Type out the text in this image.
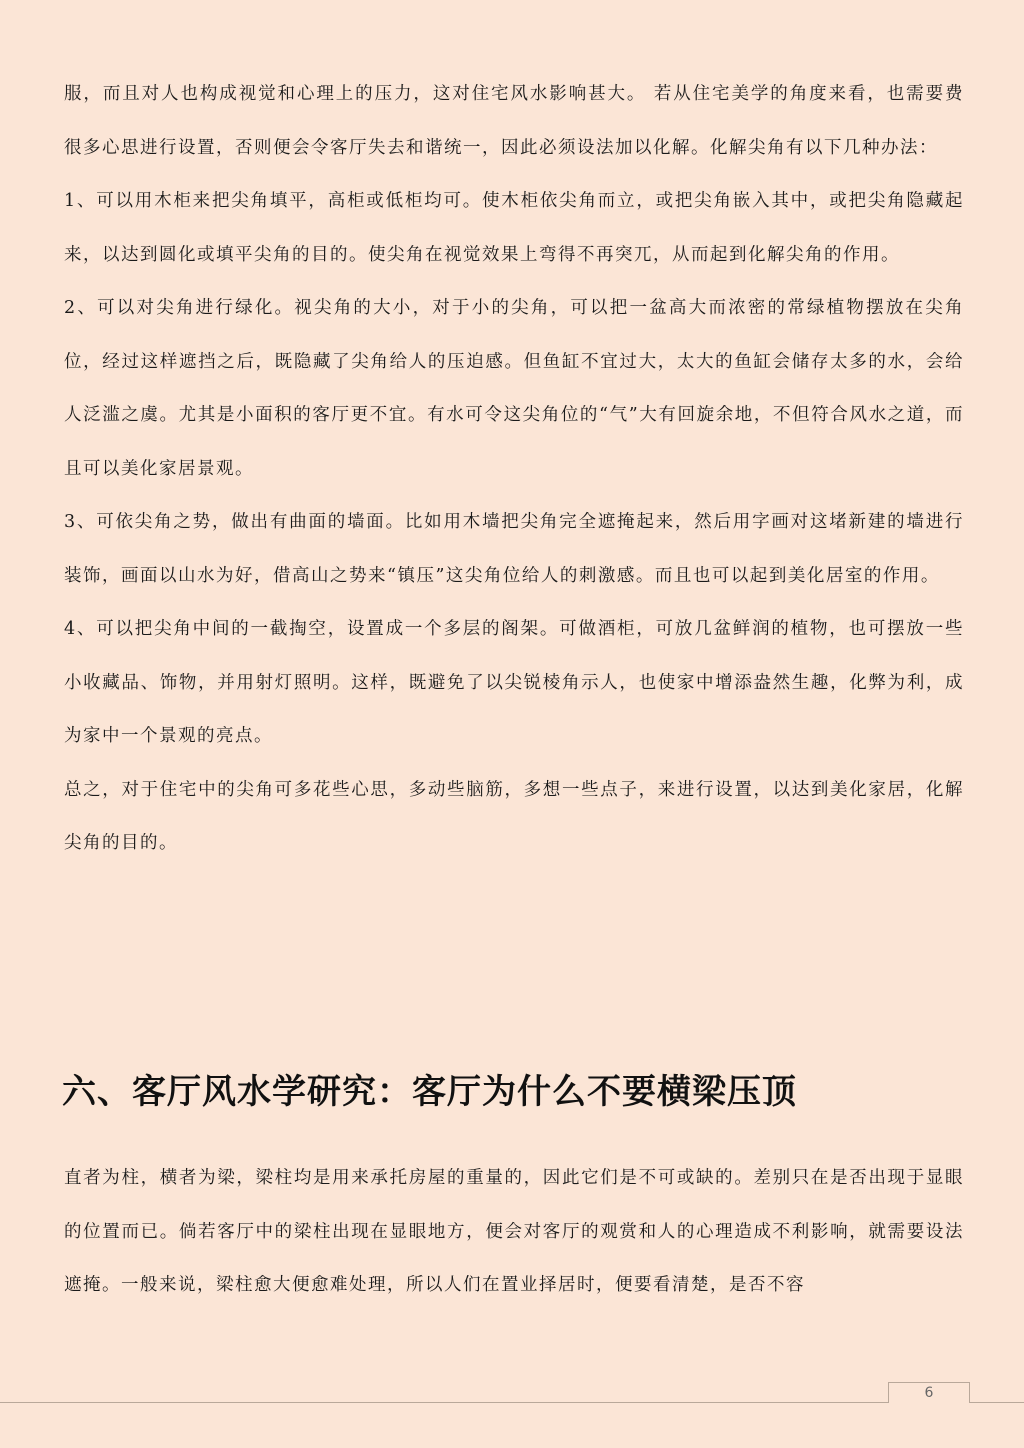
服，而且对人也构成视觉和心理上的压力，这对住宅风水影响甚大。 若从住宅美学的角度来看，也需要费很多心思进行设置，否则便会令客厅失去和谐统一，因此必须设法加以化解。化解尖角有以下几种办法：

1、可以用木柜来把尖角填平，高柜或低柜均可。使木柜依尖角而立，或把尖角嵌入其中，或把尖角隐藏起来，以达到圆化或填平尖角的目的。使尖角在视觉效果上弯得不再突兀，从而起到化解尖角的作用。

2、可以对尖角进行绿化。视尖角的大小，对于小的尖角，可以把一盆高大而浓密的常绿植物摆放在尖角位，经过这样遮挡之后，既隐藏了尖角给人的压迫感。但鱼缸不宜过大，太大的鱼缸会储存太多的水，会给人泛滥之虞。尤其是小面积的客厅更不宜。有水可令这尖角位的“气”大有回旋余地，不但符合风水之道，而且可以美化家居景观。

3、可依尖角之势，做出有曲面的墙面。比如用木墙把尖角完全遮掩起来，然后用字画对这堵新建的墙进行装饰，画面以山水为好，借高山之势来“镇压”这尖角位给人的刺激感。而且也可以起到美化居室的作用。

4、可以把尖角中间的一截掏空，设置成一个多层的阁架。可做酒柜，可放几盆鲜润的植物，也可摆放一些小收藏品、饰物，并用射灯照明。这样，既避免了以尖锐棱角示人，也使家中增添盎然生趣，化弊为利，成为家中一个景观的亮点。

总之，对于住宅中的尖角可多花些心思，多动些脑筋，多想一些点子，来进行设置，以达到美化家居，化解尖角的目的。

六、客厅风水学研究：客厅为什么不要横梁压顶

直者为柱，横者为梁，梁柱均是用来承托房屋的重量的，因此它们是不可或缺的。差别只在是否出现于显眼的位置而已。倘若客厅中的梁柱出现在显眼地方，便会对客厅的观赏和人的心理造成不利影响，就需要设法遮掩。一般来说，梁柱愈大便愈难处理，所以人们在置业择居时，便要看清楚，是否不容

6
